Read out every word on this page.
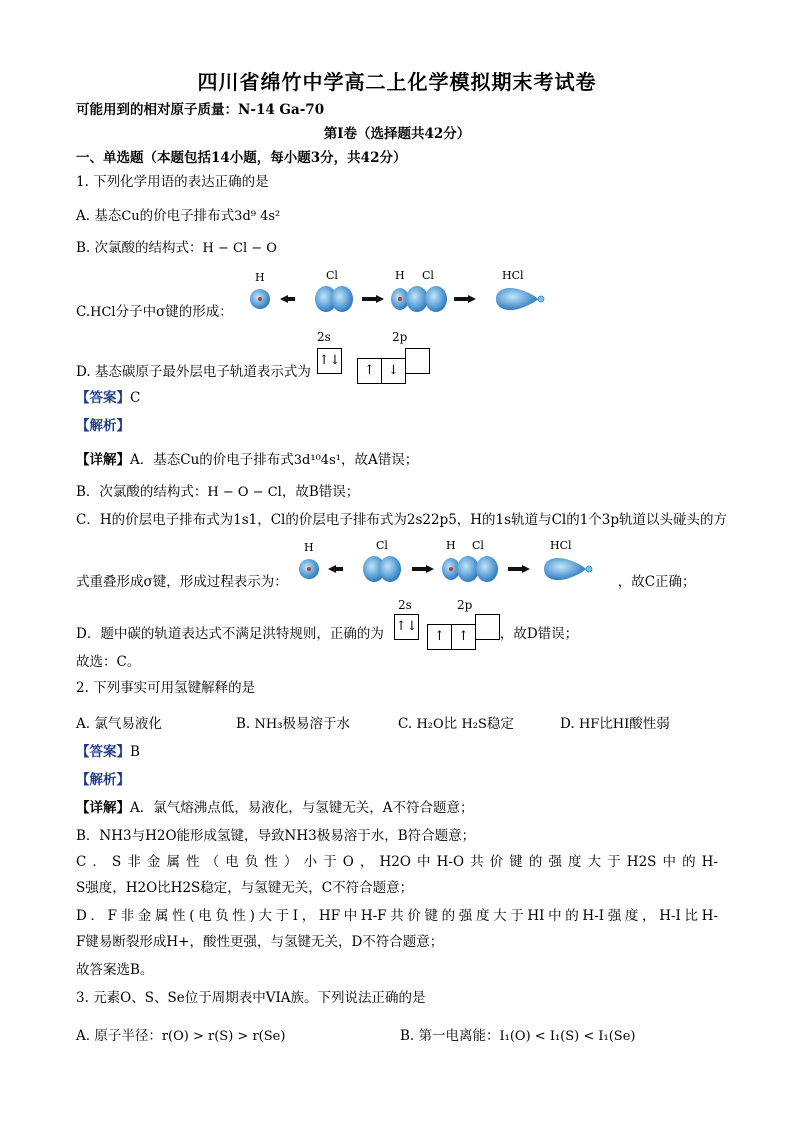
四川省绵竹中学高二上化学模拟期末考试卷
可能用到的相对原子质量：N-14 Ga-70
第Ⅰ卷（选择题共42分）
一、单选题（本题包括14小题，每小题3分，共42分）
1. 下列化学用语的表达正确的是
A. 基态Cu的价电子排布式3d⁹ 4s²
B. 次氯酸的结构式：H − Cl − O
C.HCl分子中σ键的形成：
H	Cl	H Cl	HCl
D. 基态碳原子最外层电子轨道表示式为
2s	2p
↑↓
↑ ↓
【答案】C
【解析】
【详解】A．基态Cu的价电子排布式3d¹⁰4s¹，故A错误；
B．次氯酸的结构式：H − O − Cl，故B错误；
C．H的价层电子排布式为1s1，Cl的价层电子排布式为2s22p5，H的1s轨道与Cl的1个3p轨道以头碰头的方
式重叠形成σ键，形成过程表示为：	，故C正确；
H	Cl	H Cl	HCl
D．题中碳的轨道表达式不满足洪特规则，正确的为	，故D错误；
2s	2p
↑↓
↑ ↑
故选：C。
2. 下列事实可用氢键解释的是
A. 氯气易液化	B. NH₃极易溶于水	C. H₂O比 H₂S稳定	D. HF比HI酸性弱
【答案】B
【解析】
【详解】A．氯气熔沸点低，易液化，与氢键无关，A不符合题意；
B．NH3与H2O能形成氢键，导致NH3极易溶于水，B符合题意；
C．S非金属性（电负性）小于O，H2O中H-O共价键的强度大于H2S中的H-
S强度，H2O比H2S稳定，与氢键无关，C不符合题意；
D．F非金属性(电负性)大于I，HF中H-F共价键的强度大于HI中的H-I强度，H-I比H-
F键易断裂形成H+，酸性更强，与氢键无关，D不符合题意；
故答案选B。
3. 元素O、S、Se位于周期表中VIA族。下列说法正确的是
A. 原子半径：r(O) > r(S) > r(Se)	B. 第一电离能：I₁(O) < I₁(S) < I₁(Se)
